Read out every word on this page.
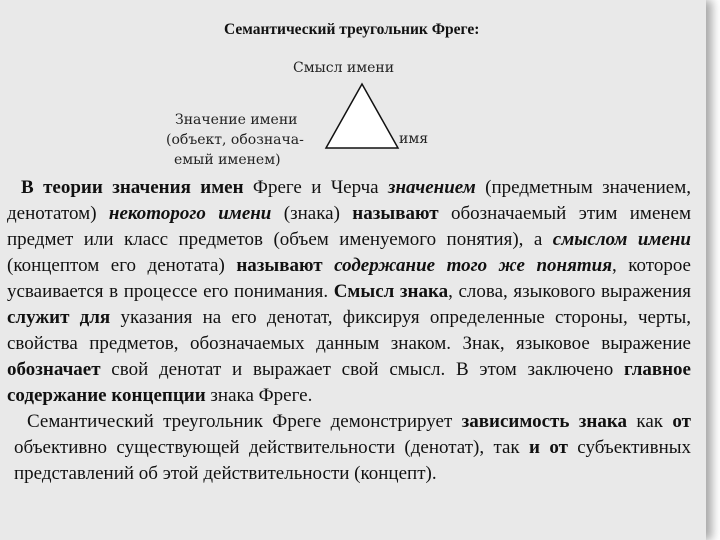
Семантический треугольник Фреге:
Смысл имени
Значение имени
(объект, обознача-
емый именем)
имя

В теории значения имен Фреге и Черча значением (предметным значением, денотатом) некоторого имени (знака) называют обозначаемый этим именем предмет или класс предметов (объем именуемого понятия), а смыслом имени (концептом его денотата) называют содержание того же понятия, которое усваивается в процессе его понимания. Смысл знака, слова, языкового выражения служит для указания на его денотат, фиксируя определенные стороны, черты, свойства предметов, обозначаемых данным знаком. Знак, языковое выражение обозначает свой денотат и выражает свой смысл. В этом заключено главное содержание концепции знака Фреге.

Семантический треугольник Фреге демонстрирует зависимость знака как от объективно существующей действительности (денотат), так и от субъективных представлений об этой действительности (концепт).
